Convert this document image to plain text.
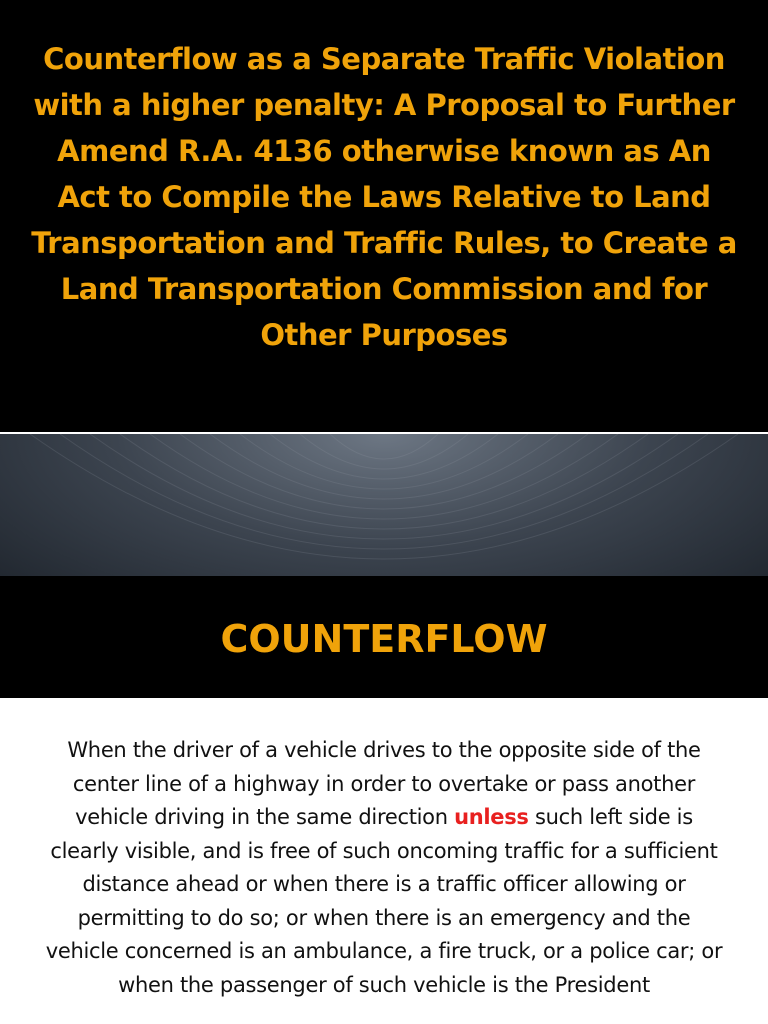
Counterflow as a Separate Traffic Violation with a higher penalty: A Proposal to Further Amend R.A. 4136 otherwise known as An Act to Compile the Laws Relative to Land Transportation and Traffic Rules, to Create a Land Transportation Commission and for Other Purposes
COUNTERFLOW

When the driver of a vehicle drives to the opposite side of the center line of a highway in order to overtake or pass another vehicle driving in the same direction unless such left side is clearly visible, and is free of such oncoming traffic for a sufficient distance ahead or when there is a traffic officer allowing or permitting to do so; or when there is an emergency and the vehicle concerned is an ambulance, a fire truck, or a police car; or when the passenger of such vehicle is the President
